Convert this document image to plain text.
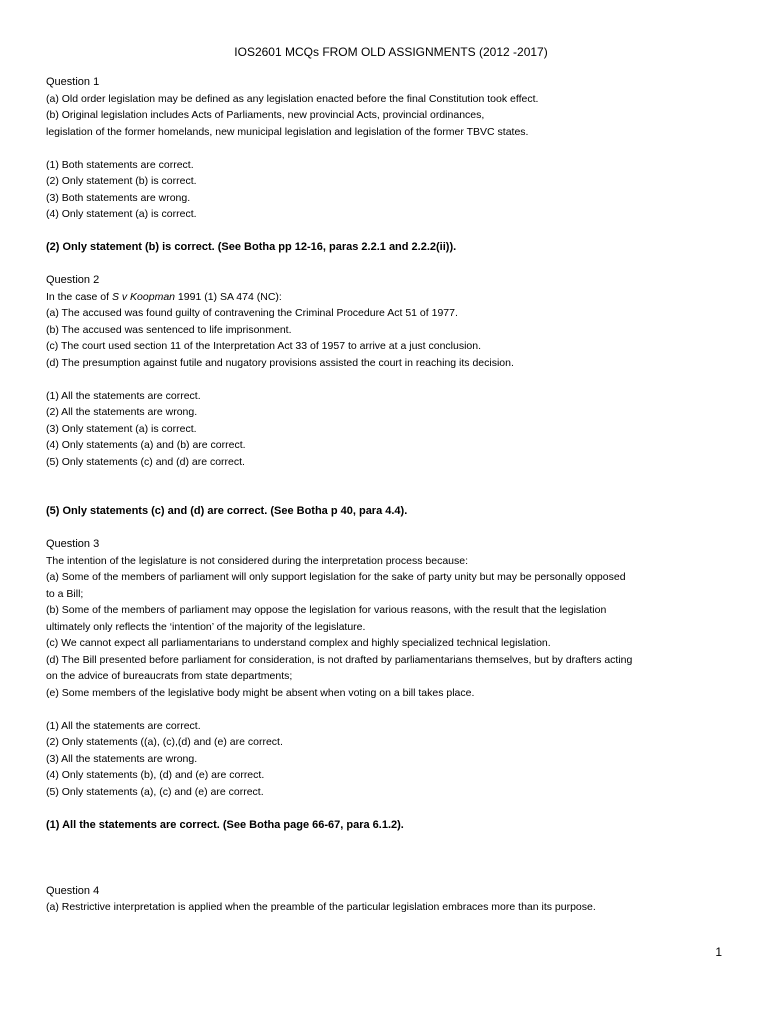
IOS2601 MCQs FROM OLD ASSIGNMENTS (2012 -2017)
Question 1
(a) Old order legislation may be defined as any legislation enacted before the final Constitution took effect.
(b) Original legislation includes Acts of Parliaments, new provincial Acts, provincial ordinances,
legislation of the former homelands, new municipal legislation and legislation of the former TBVC states.
(1) Both statements are correct.
(2) Only statement (b) is correct.
(3) Both statements are wrong.
(4) Only statement (a) is correct.
(2) Only statement (b) is correct. (See Botha pp 12-16, paras 2.2.1 and 2.2.2(ii)).
Question 2
In the case of S v Koopman 1991 (1) SA 474 (NC):
(a) The accused was found guilty of contravening the Criminal Procedure Act 51 of 1977.
(b) The accused was sentenced to life imprisonment.
(c) The court used section 11 of the Interpretation Act 33 of 1957 to arrive at a just conclusion.
(d) The presumption against futile and nugatory provisions assisted the court in reaching its decision.
(1) All the statements are correct.
(2) All the statements are wrong.
(3) Only statement (a) is correct.
(4) Only statements (a) and (b) are correct.
(5) Only statements (c) and (d) are correct.
(5) Only statements (c) and (d) are correct. (See Botha p 40, para 4.4).
Question 3
The intention of the legislature is not considered during the interpretation process because:
(a) Some of the members of parliament will only support legislation for the sake of party unity but may be personally opposed
to a Bill;
(b) Some of the members of parliament may oppose the legislation for various reasons, with the result that the legislation
ultimately only reflects the ‘intention’ of the majority of the legislature.
(c) We cannot expect all parliamentarians to understand complex and highly specialized technical legislation.
(d) The Bill presented before parliament for consideration, is not drafted by parliamentarians themselves, but by drafters acting
on the advice of bureaucrats from state departments;
(e) Some members of the legislative body might be absent when voting on a bill takes place.
(1) All the statements are correct.
(2) Only statements ((a), (c),(d) and (e) are correct.
(3) All the statements are wrong.
(4) Only statements (b), (d) and (e) are correct.
(5) Only statements (a), (c) and (e) are correct.
(1) All the statements are correct. (See Botha page 66-67, para 6.1.2).
Question 4
(a) Restrictive interpretation is applied when the preamble of the particular legislation embraces more than its purpose.
1
